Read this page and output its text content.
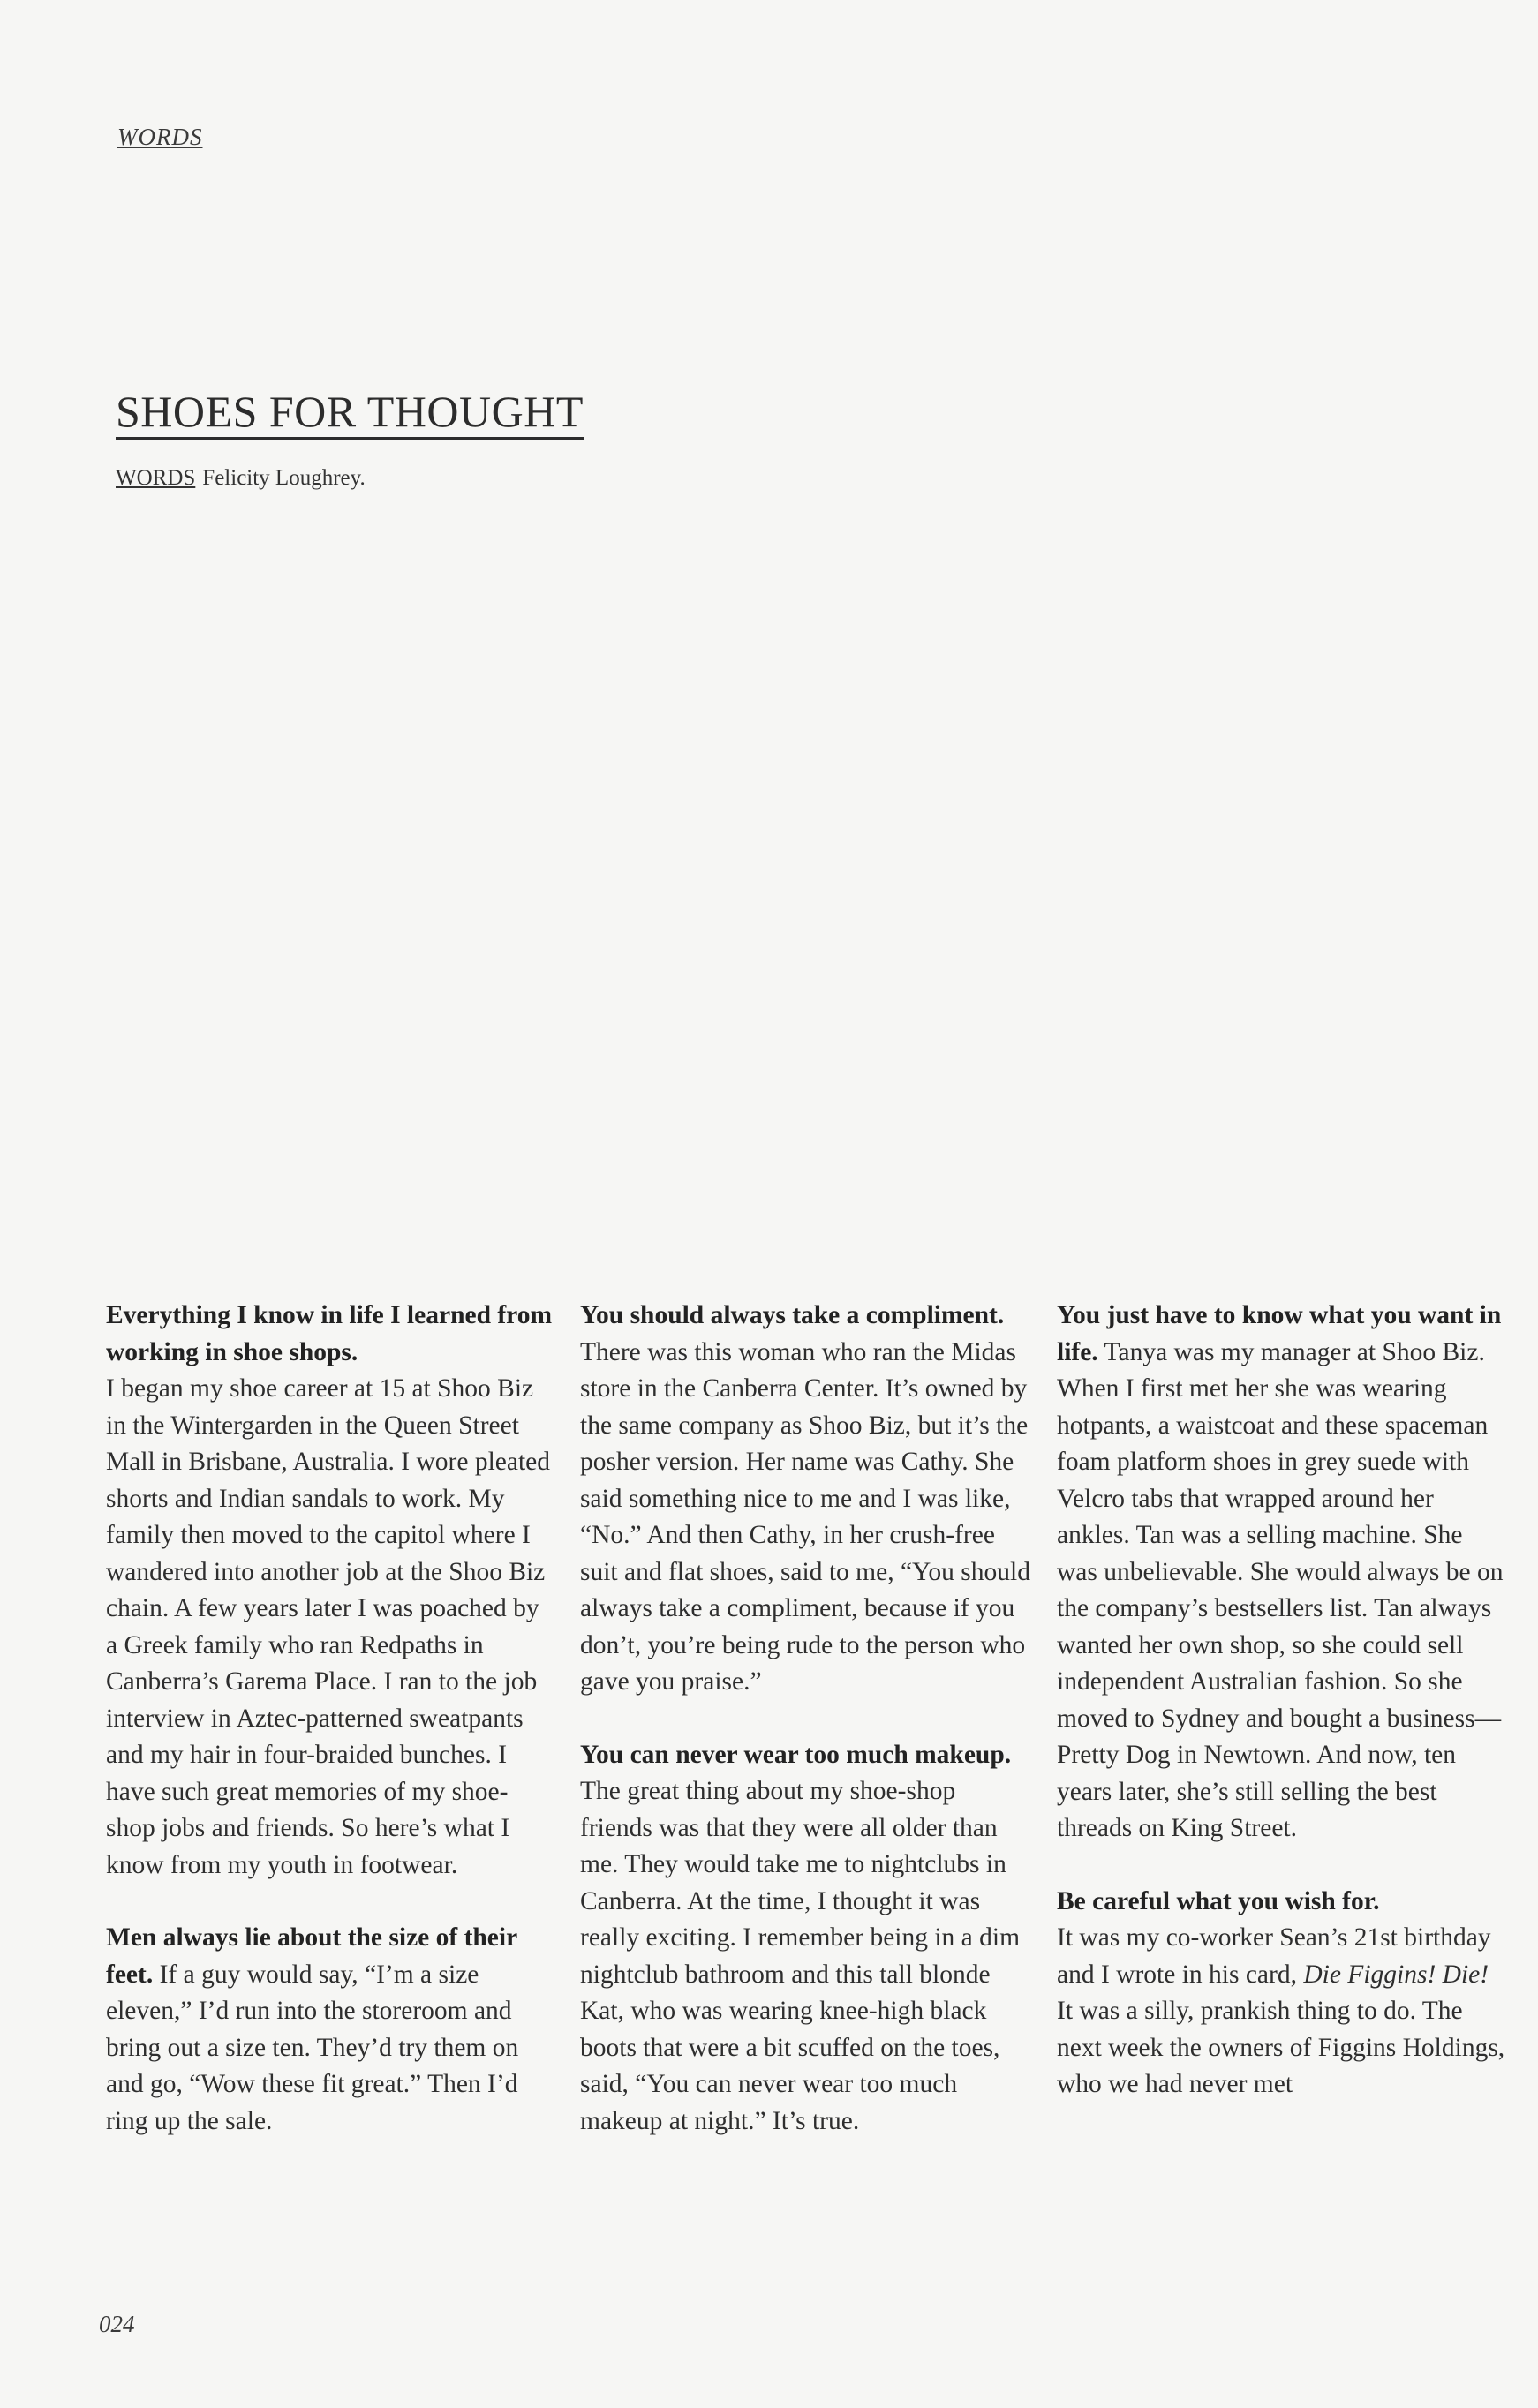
WORDS
SHOES FOR THOUGHT
WORDS Felicity Loughrey.

Everything I know in life I learned from working in shoe shops.
I began my shoe career at 15 at Shoo Biz in the Wintergarden in the Queen Street Mall in Brisbane, Australia. I wore pleated shorts and Indian sandals to work. My family then moved to the capitol where I wandered into another job at the Shoo Biz chain. A few years later I was poached by a Greek family who ran Redpaths in Canberra’s Garema Place. I ran to the job interview in Aztec-patterned sweatpants and my hair in four-braided bunches. I have such great memories of my shoe-shop jobs and friends. So here’s what I know from my youth in footwear.

Men always lie about the size of their feet. If a guy would say, “I’m a size eleven,” I’d run into the storeroom and bring out a size ten. They’d try them on and go, “Wow these fit great.” Then I’d ring up the sale.

You should always take a compliment. There was this woman who ran the Midas store in the Canberra Center. It’s owned by the same company as Shoo Biz, but it’s the posher version. Her name was Cathy. She said something nice to me and I was like, “No.” And then Cathy, in her crush-free suit and flat shoes, said to me, “You should always take a compliment, because if you don’t, you’re being rude to the person who gave you praise.”

You can never wear too much makeup. The great thing about my shoe-shop friends was that they were all older than me. They would take me to nightclubs in Canberra. At the time, I thought it was really exciting. I remember being in a dim nightclub bathroom and this tall blonde Kat, who was wearing knee-high black boots that were a bit scuffed on the toes, said, “You can never wear too much makeup at night.” It’s true.

You just have to know what you want in life. Tanya was my manager at Shoo Biz. When I first met her she was wearing hotpants, a waistcoat and these spaceman foam platform shoes in grey suede with Velcro tabs that wrapped around her ankles. Tan was a selling machine. She was unbelievable. She would always be on the company’s bestsellers list. Tan always wanted her own shop, so she could sell independent Australian fashion. So she moved to Sydney and bought a business—Pretty Dog in Newtown. And now, ten years later, she’s still selling the best threads on King Street.

Be careful what you wish for.
It was my co-worker Sean’s 21st birthday and I wrote in his card, Die Figgins! Die! It was a silly, prankish thing to do. The next week the owners of Figgins Holdings, who we had never met

024
